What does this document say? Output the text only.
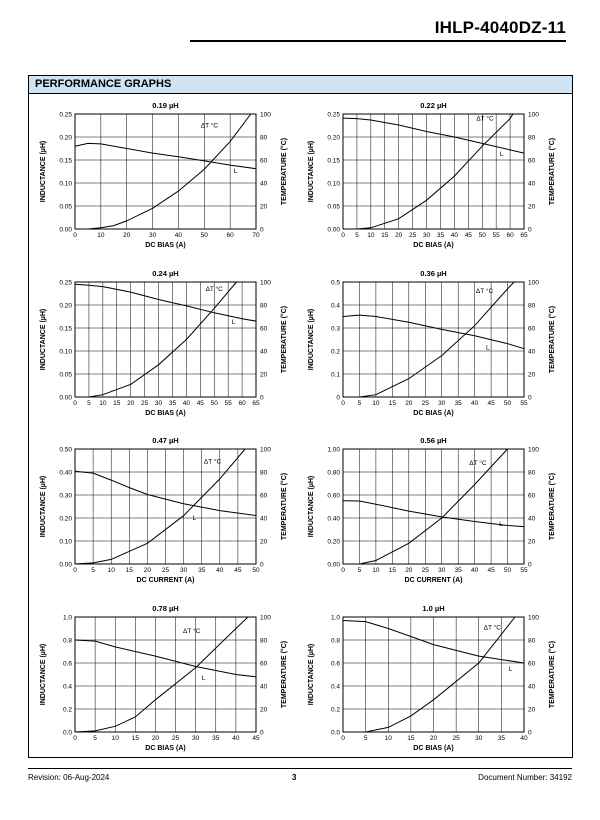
IHLP-4040DZ-11
PERFORMANCE GRAPHS
0	10	20	30	40	50	60	70
0.00
0.05
0.10
0.15
0.20
0.25
0
20
40
60
80
100
0.19 µH
DC BIAS (A)
INDUCTANCE (µH)	TEMPERATURE (°C)
L
ΔT °C
0 5 10 15 20 25 30 35 40 45 50 55 60 65
0.00
0.05
0.10
0.15
0.20
0.25
0
20
40
60
80
100
0.22 µH
DC BIAS (A)
INDUCTANCE (µH)	TEMPERATURE (°C)
L
ΔT °C
0 5 10 15 20 25 30 35 40 45 50 55 60 65
0.00
0.05
0.10
0.15
0.20
0.25
0
20
40
60
80
100
0.24 µH
DC BIAS (A)
INDUCTANCE (µH)	TEMPERATURE (°C)
L
ΔT °C
0 5 10 15 20 25 30 35 40 45 50 55
0
0.1
0.2
0.3
0.4
0.5
0
20
40
60
80
100
0.36 µH
DC BIAS (A)
INDUCTANCE (µH)	TEMPERATURE (°C)
L
ΔT °C
0 5 10 15 20 25 30 35 40 45 50
0.00
0.10
0.20
0.30
0.40
0.50
0
20
40
60
80
100
0.47 µH
DC CURRENT (A)
INDUCTANCE (µH)	TEMPERATURE (°C)
L
ΔT °C
0 5 10 15 20 25 30 35 40 45 50 55
0.00
0.20
0.40
0.60
0.80
1.00
0
20
40
60
80
100
0.56 µH
DC CURRENT (A)
INDUCTANCE (µH)	TEMPERATURE (°C)
L
ΔT °C
0	5 10 15 20 25 30 35 40 45
0.0
0.2
0.4
0.6
0.8
1.0
0
20
40
60
80
100
0.78 µH
DC BIAS (A)
INDUCTANCE (µH)	TEMPERATURE (°C)
L
ΔT °C
0	5	10 15 20 25 30 35 40
0.0
0.2
0.4
0.6
0.8
1.0
0
20
40
60
80
100
1.0 µH
DC BIAS (A)
INDUCTANCE (µH)	TEMPERATURE (°C)
L
ΔT °C
Revision: 06-Aug-2024	3	Document Number: 34192
